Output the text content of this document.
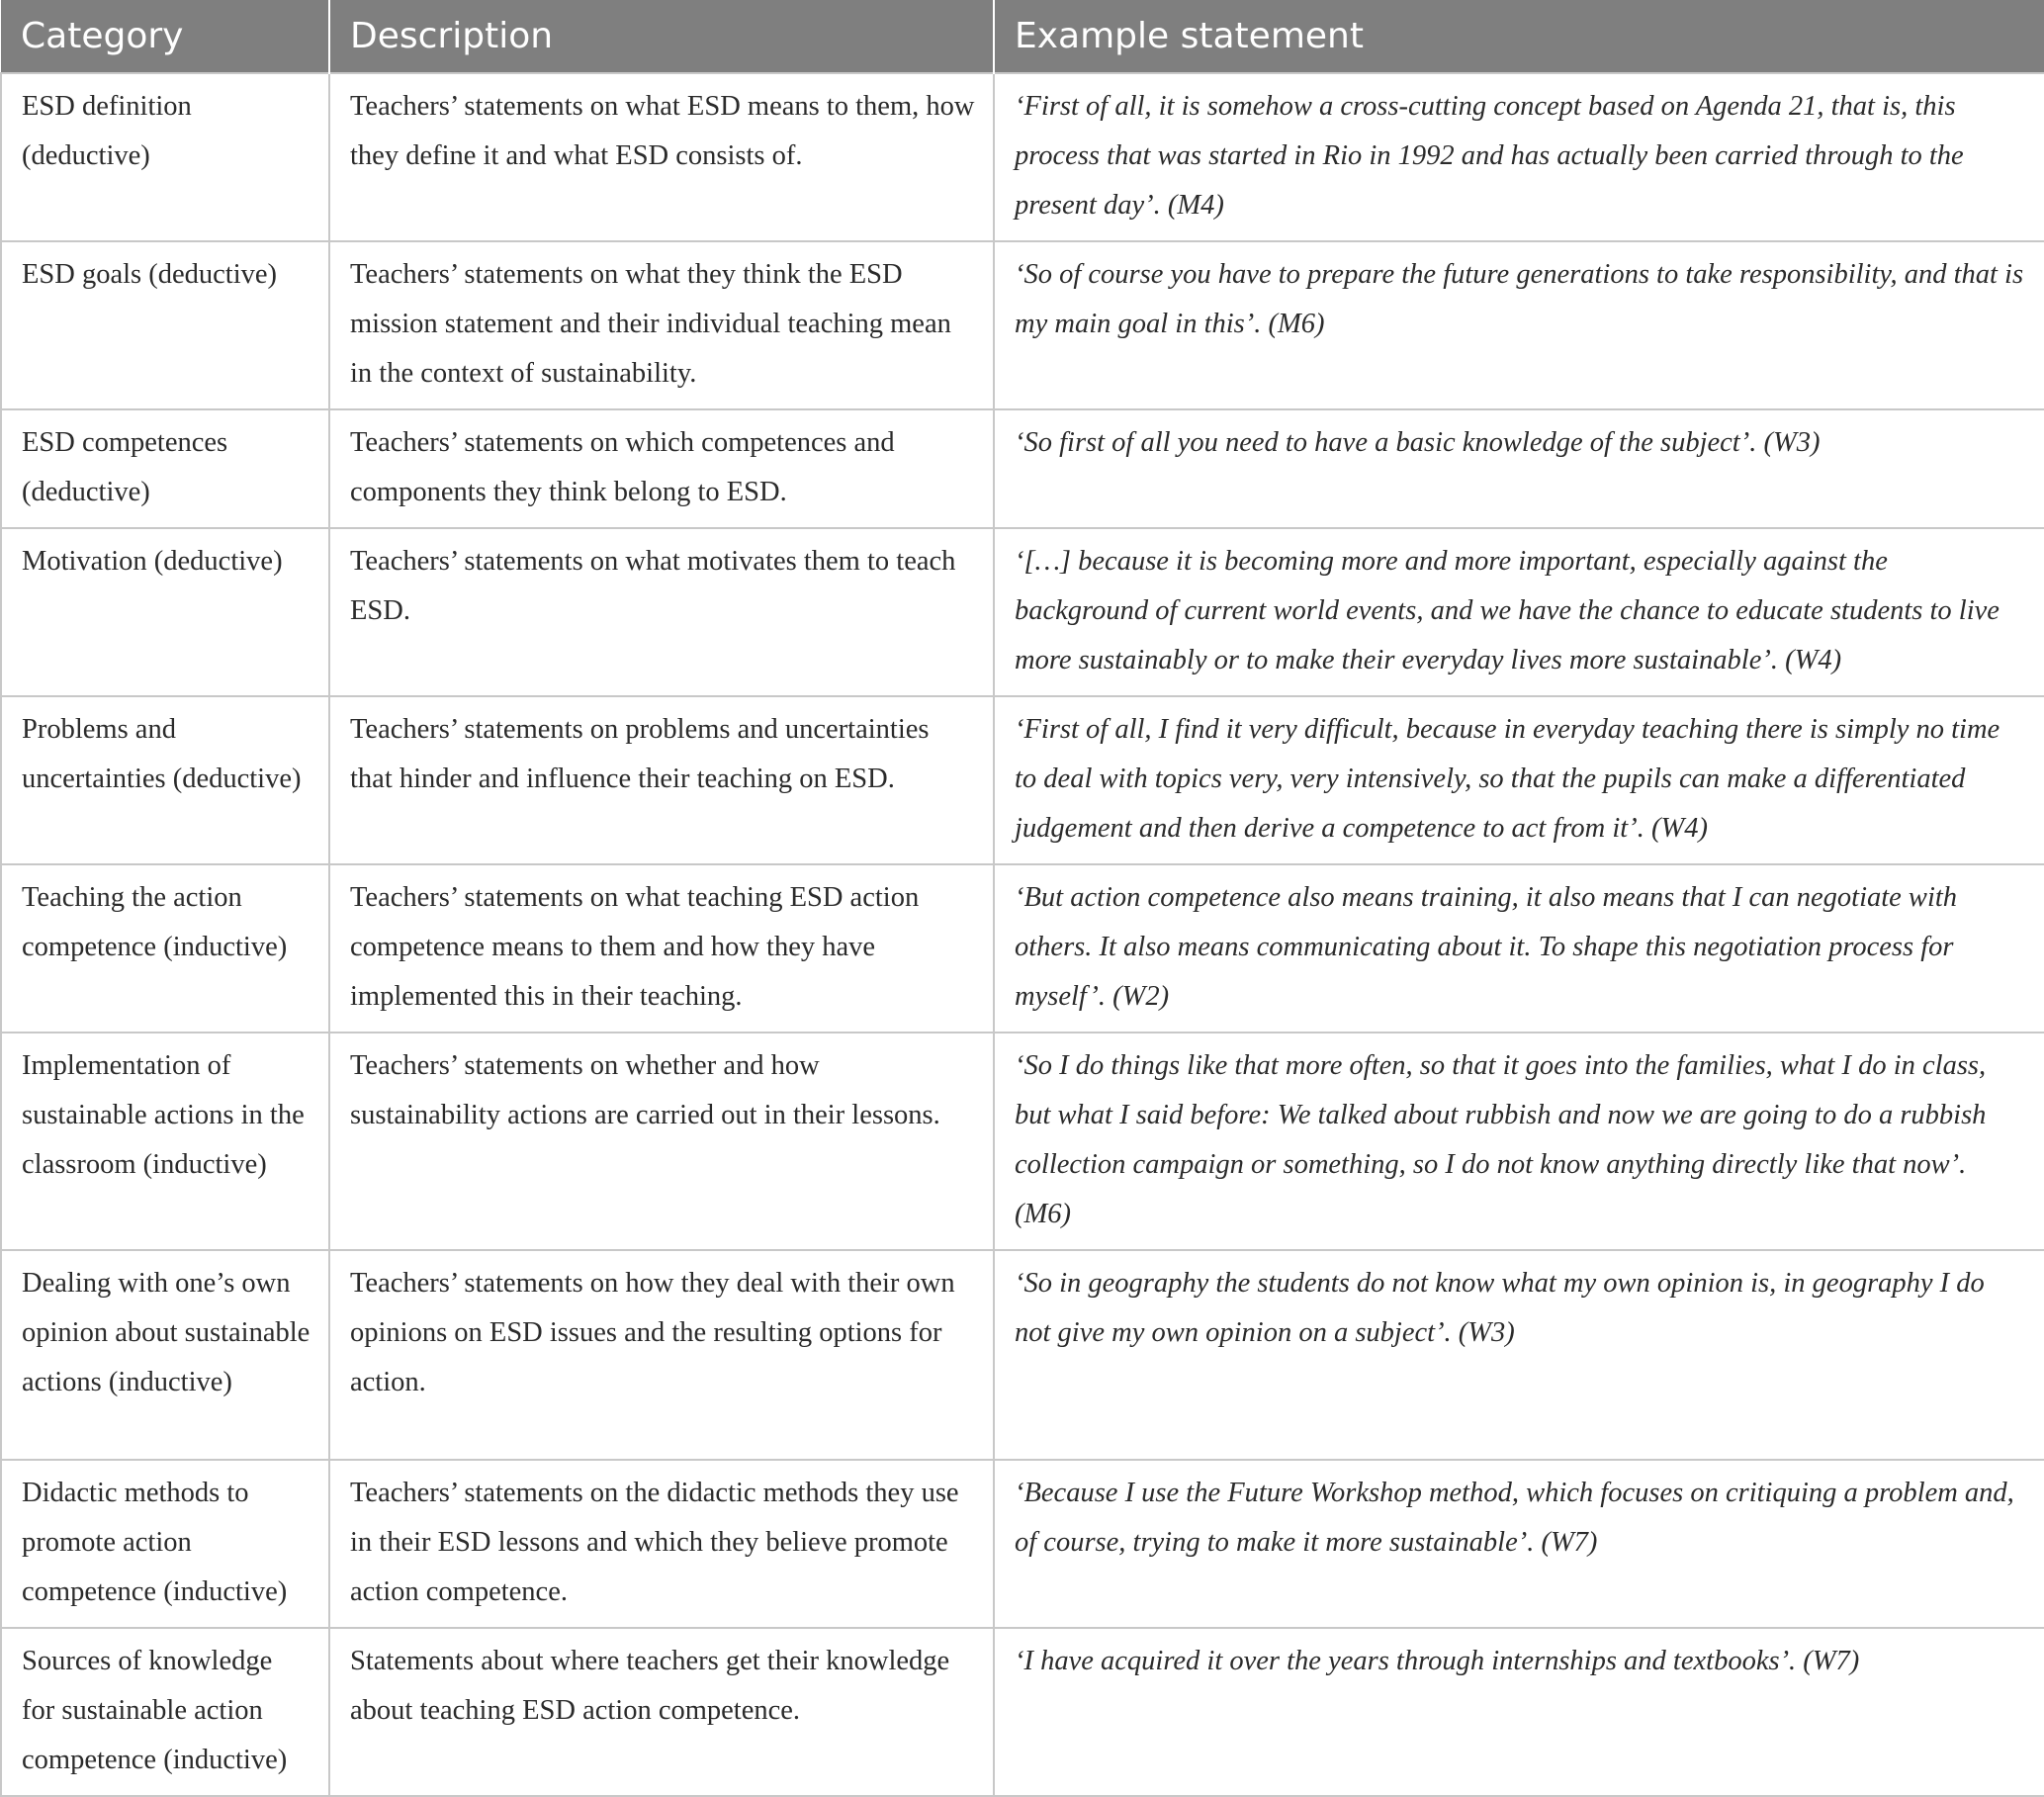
Category	Description	Example statement
ESD definition (deductive)	Teachers’ statements on what ESD means to them, how they define it and what ESD consists of.	‘First of all, it is somehow a cross-cutting concept based on Agenda 21, that is, this process that was started in Rio in 1992 and has actually been carried through to the present day’. (M4)
ESD goals (deductive)	Teachers’ statements on what they think the ESD mission statement and their individual teaching mean in the context of sustainability.	‘So of course you have to prepare the future generations to take responsibility, and that is my main goal in this’. (M6)
ESD competences (deductive)	Teachers’ statements on which competences and components they think belong to ESD.	‘So first of all you need to have a basic knowledge of the subject’. (W3)
Motivation (deductive)	Teachers’ statements on what motivates them to teach ESD.	‘[…] because it is becoming more and more important, especially against the background of current world events, and we have the chance to educate students to live more sustainably or to make their everyday lives more sustainable’. (W4)
Problems and uncertainties (deductive)	Teachers’ statements on problems and uncertainties that hinder and influence their teaching on ESD.	‘First of all, I find it very difficult, because in everyday teaching there is simply no time to deal with topics very, very intensively, so that the pupils can make a differentiated judgement and then derive a competence to act from it’. (W4)
Teaching the action competence (inductive)	Teachers’ statements on what teaching ESD action competence means to them and how they have implemented this in their teaching.	‘But action competence also means training, it also means that I can negotiate with others. It also means communicating about it. To shape this negotiation process for myself’. (W2)
Implementation of sustainable actions in the classroom (inductive)	Teachers’ statements on whether and how sustainability actions are carried out in their lessons.	‘So I do things like that more often, so that it goes into the families, what I do in class, but what I said before: We talked about rubbish and now we are going to do a rubbish collection campaign or something, so I do not know anything directly like that now’. (M6)
Dealing with one’s own opinion about sustainable actions (inductive)	Teachers’ statements on how they deal with their own opinions on ESD issues and the resulting options for action.	‘So in geography the students do not know what my own opinion is, in geography I do not give my own opinion on a subject’. (W3)
Didactic methods to promote action competence (inductive)	Teachers’ statements on the didactic methods they use in their ESD lessons and which they believe promote action competence.	‘Because I use the Future Workshop method, which focuses on critiquing a problem and, of course, trying to make it more sustainable’. (W7)
Sources of knowledge for sustainable action competence (inductive)	Statements about where teachers get their knowledge about teaching ESD action competence.	‘I have acquired it over the years through internships and textbooks’. (W7)
